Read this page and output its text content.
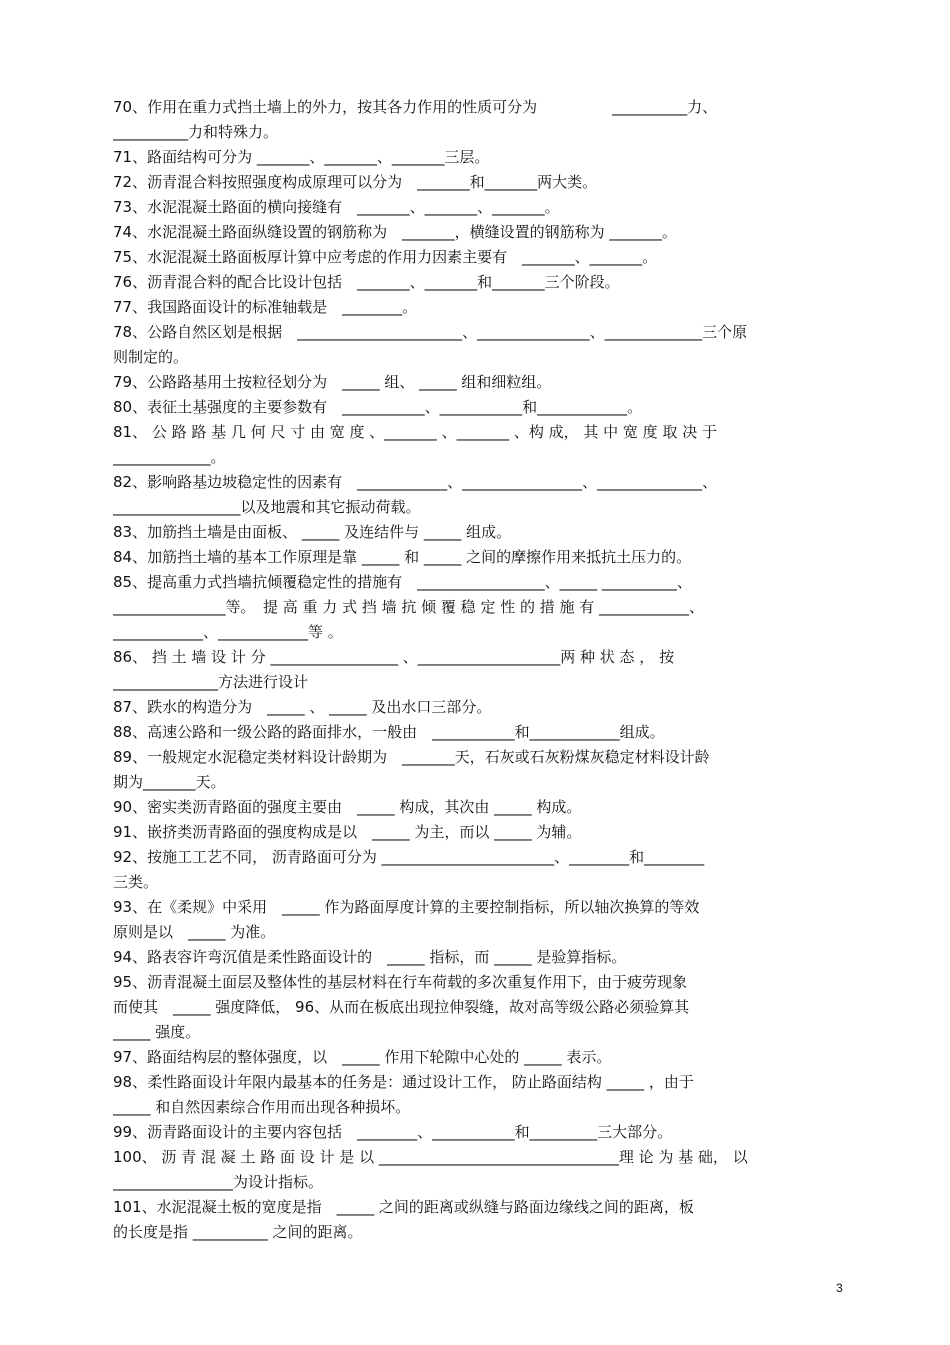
70、作用在重力式挡土墙上的外力，按其各力作用的性质可分为　　　　　__________力、
__________力和特殊力。
71、路面结构可分为 _______、_______、_______三层。
72、沥青混合料按照强度构成原理可以分为　_______和_______两大类。
73、水泥混凝土路面的横向接缝有　_______、_______、_______。
74、水泥混凝土路面纵缝设置的钢筋称为　_______，横缝设置的钢筋称为 _______。
75、水泥混凝土路面板厚计算中应考虑的作用力因素主要有　_______、_______。
76、沥青混合料的配合比设计包括　_______、_______和_______三个阶段。
77、我国路面设计的标准轴载是　________。
78、公路自然区划是根据　______________________、_______________、_____________三个原
则制定的。
79、公路路基用土按粒径划分为　_____ 组、 _____ 组和细粒组。
80、表征土基强度的主要参数有　___________、___________和____________。
81、 公 路 路 基 几 何 尺 寸 由 宽 度 、_______ 、_______ 、构 成， 其 中 宽 度 取 决 于
_____________。
82、影响路基边坡稳定性的因素有　____________、________________、______________、
_________________以及地震和其它振动荷载。
83、加筋挡土墙是由面板、 _____ 及连结件与 _____ 组成。
84、加筋挡土墙的基本工作原理是靠 _____ 和 _____ 之间的摩擦作用来抵抗土压力的。
85、提高重力式挡墙抗倾覆稳定性的措施有　_________________、_____ __________、
_______________等。　提 高 重 力 式 挡 墙 抗 倾 覆 稳 定 性 的 措 施 有 ____________、
____________、____________等 。
86、 挡 土 墙 设 计 分 _________________ 、___________________两 种 状 态 ， 按
______________方法进行设计
87、跌水的构造分为　_____ 、 _____ 及出水口三部分。
88、高速公路和一级公路的路面排水，一般由　___________和____________组成。
89、一般规定水泥稳定类材料设计龄期为　_______天，石灰或石灰粉煤灰稳定材料设计龄
期为_______天。
90、密实类沥青路面的强度主要由　_____ 构成，其次由 _____ 构成。
91、嵌挤类沥青路面的强度构成是以　_____ 为主，而以 _____ 为辅。
92、按施工工艺不同， 沥青路面可分为 _______________________、________和________
三类。
93、在《柔规》中采用　_____ 作为路面厚度计算的主要控制指标，所以轴次换算的等效
原则是以　_____ 为准。
94、路表容许弯沉值是柔性路面设计的　_____ 指标，而 _____ 是验算指标。
95、沥青混凝土面层及整体性的基层材料在行车荷载的多次重复作用下，由于疲劳现象
而使其　_____ 强度降低， 96、从而在板底出现拉伸裂缝，故对高等级公路必须验算其
_____ 强度。
97、路面结构层的整体强度，以　_____ 作用下轮隙中心处的 _____ 表示。
98、柔性路面设计年限内最基本的任务是：通过设计工作， 防止路面结构 _____ ，由于
_____ 和自然因素综合作用而出现各种损坏。
99、沥青路面设计的主要内容包括　________、___________和_________三大部分。
100、 沥 青 混 凝 土 路 面 设 计 是 以 ________________________________理 论 为 基 础， 以
________________为设计指标。
101、水泥混凝土板的宽度是指　_____ 之间的距离或纵缝与路面边缘线之间的距离，板
的长度是指 __________ 之间的距离。
3
